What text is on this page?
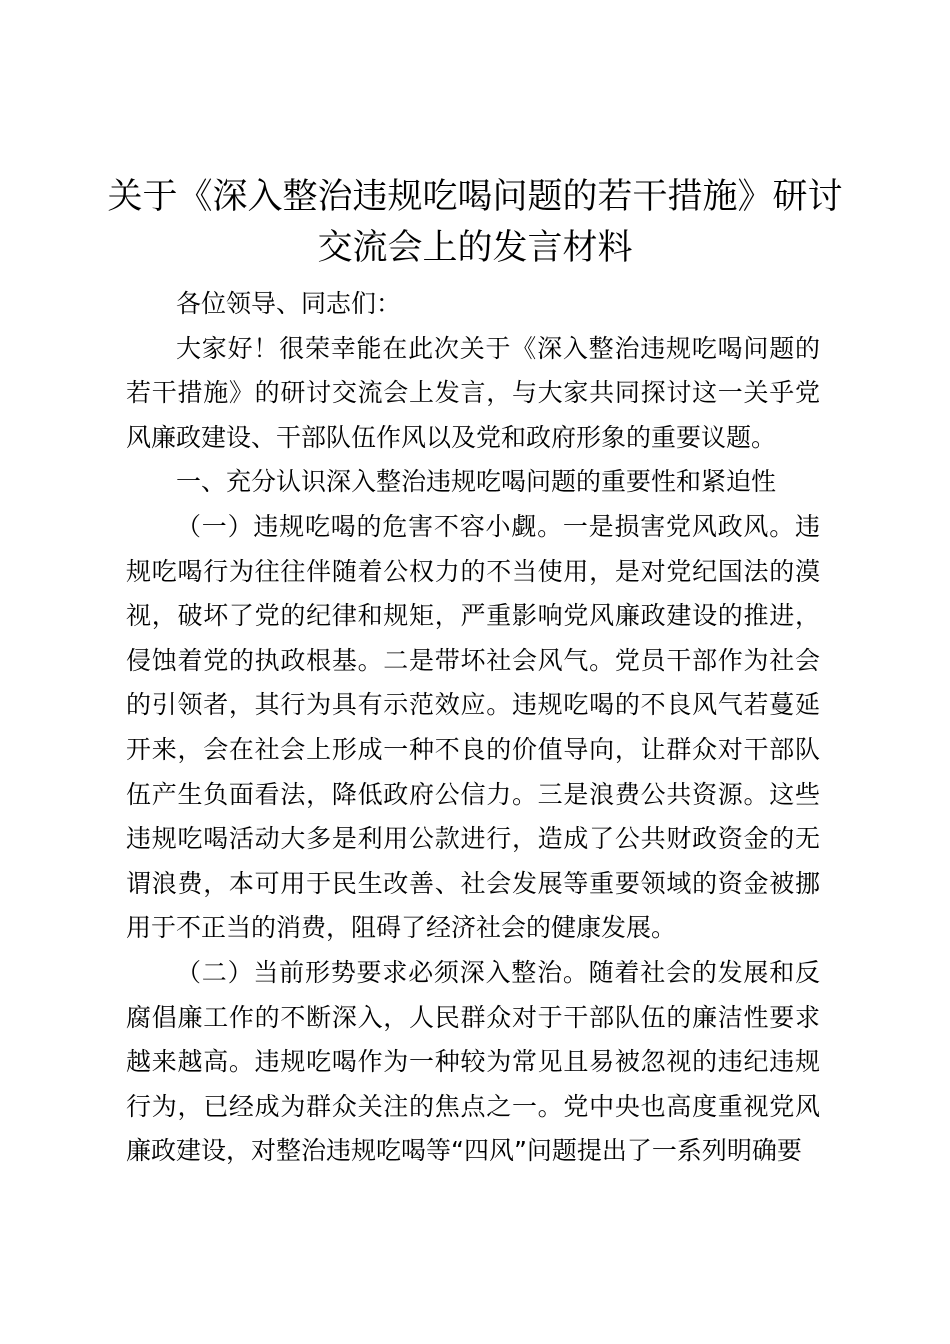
关于《深入整治违规吃喝问题的若干措施》研讨交流会上的发言材料

各位领导、同志们：

大家好！很荣幸能在此次关于《深入整治违规吃喝问题的若干措施》的研讨交流会上发言，与大家共同探讨这一关乎党风廉政建设、干部队伍作风以及党和政府形象的重要议题。

一、充分认识深入整治违规吃喝问题的重要性和紧迫性

（一）违规吃喝的危害不容小觑。一是损害党风政风。违规吃喝行为往往伴随着公权力的不当使用，是对党纪国法的漠视，破坏了党的纪律和规矩，严重影响党风廉政建设的推进，侵蚀着党的执政根基。二是带坏社会风气。党员干部作为社会的引领者，其行为具有示范效应。违规吃喝的不良风气若蔓延开来，会在社会上形成一种不良的价值导向，让群众对干部队伍产生负面看法，降低政府公信力。三是浪费公共资源。这些违规吃喝活动大多是利用公款进行，造成了公共财政资金的无谓浪费，本可用于民生改善、社会发展等重要领域的资金被挪用于不正当的消费，阻碍了经济社会的健康发展。

（二）当前形势要求必须深入整治。随着社会的发展和反腐倡廉工作的不断深入，人民群众对于干部队伍的廉洁性要求越来越高。违规吃喝作为一种较为常见且易被忽视的违纪违规行为，已经成为群众关注的焦点之一。党中央也高度重视党风廉政建设，对整治违规吃喝等“四风”问题提出了一系列明确要
